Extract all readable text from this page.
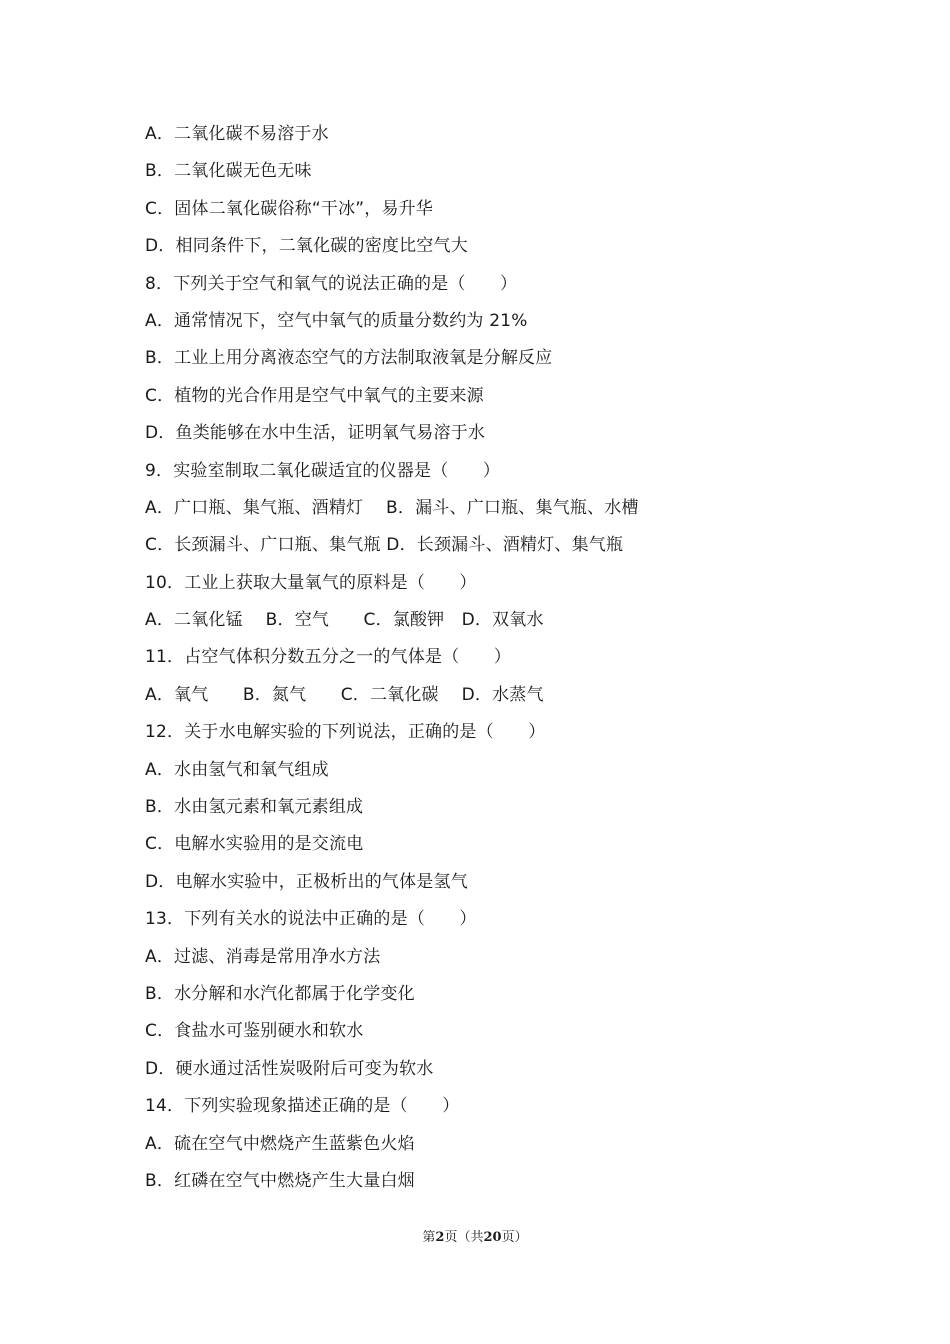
A．二氧化碳不易溶于水
B．二氧化碳无色无味
C．固体二氧化碳俗称“干冰”，易升华
D．相同条件下，二氧化碳的密度比空气大
8．下列关于空气和氧气的说法正确的是（　　）
A．通常情况下，空气中氧气的质量分数约为 21%
B．工业上用分离液态空气的方法制取液氧是分解反应
C．植物的光合作用是空气中氧气的主要来源
D．鱼类能够在水中生活，证明氧气易溶于水
9．实验室制取二氧化碳适宜的仪器是（　　）
A．广口瓶、集气瓶、酒精灯　 B．漏斗、广口瓶、集气瓶、水槽
C．长颈漏斗、广口瓶、集气瓶 D．长颈漏斗、酒精灯、集气瓶
10．工业上获取大量氧气的原料是（　　）
A．二氧化锰　 B．空气　　C．氯酸钾　D．双氧水
11．占空气体积分数五分之一的气体是（　　）
A．氧气　　B．氮气　　C．二氧化碳　 D．水蒸气
12．关于水电解实验的下列说法，正确的是（　　）
A．水由氢气和氧气组成
B．水由氢元素和氧元素组成
C．电解水实验用的是交流电
D．电解水实验中，正极析出的气体是氢气
13．下列有关水的说法中正确的是（　　）
A．过滤、消毒是常用净水方法
B．水分解和水汽化都属于化学变化
C．食盐水可鉴别硬水和软水
D．硬水通过活性炭吸附后可变为软水
14．下列实验现象描述正确的是（　　）
A．硫在空气中燃烧产生蓝紫色火焰
B．红磷在空气中燃烧产生大量白烟
第2页（共20页）
